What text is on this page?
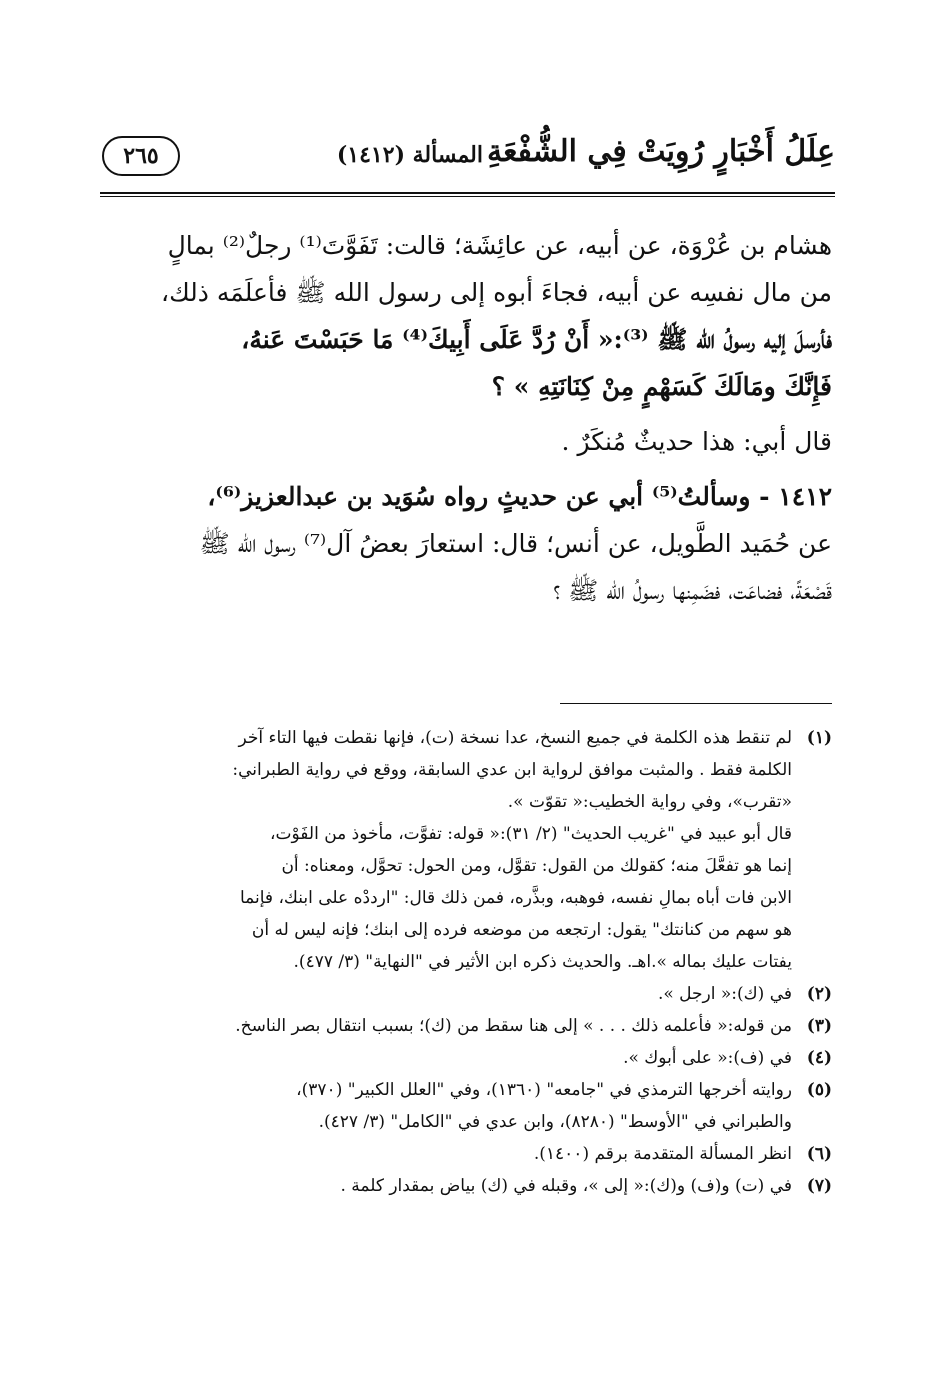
عِلَلُ أَخْبَارٍ رُوِيَتْ فِي الشُّفْعَةِ
المسألة (١٤١٢)
٢٦٥
هشام بن عُرْوَة، عن أبيه، عن عائِشَة؛ قالت: تَفَوَّتَ⁽¹⁾ رجلٌ⁽²⁾ بمالٍ
من مال نفسِه عن أبيه، فجاءَ أبوه إلى رسول الله ﷺ فأعلَمَه ذلك،
فأرسلَ إليه رسولُ الله ﷺ ⁽³⁾:« أَنْ رُدَّ عَلَى أَبِيكَ⁽⁴⁾ مَا حَبَسْتَ عَنهُ،
فَإِنَّكَ ومَالَكَ كَسَهْمٍ مِنْ كِنَانَتِهِ » ؟
قال أبي: هذا حديثٌ مُنكَرٌ .
١٤١٢ - وسألتُ⁽⁵⁾ أبي عن حديثٍ رواه سُوَيد بن عبدالعزيز⁽⁶⁾،
عن حُمَيد الطَّويل، عن أنس؛ قال: استعارَ بعضُ آل⁽⁷⁾ رسول الله ﷺ
قَصْعَةً، فضاعَت، فضَمِنها رسولُ الله ﷺ ؟
(١)
لم تنقط هذه الكلمة في جميع النسخ، عدا نسخة (ت)، فإنها نقطت فيها التاء آخر
الكلمة فقط . والمثبت موافق لرواية ابن عدي السابقة، ووقع في رواية الطبراني:
«تقرب»، وفي رواية الخطيب:« تقوّت ».
قال أبو عبيد في "غريب الحديث" (٢/ ٣١):« قوله: تفوَّت، مأخوذ من الفَوْت،
إنما هو تفعَّلَ منه؛ كقولك من القول: تقوَّل، ومن الحول: تحوَّل، ومعناه: أن
الابن فات أباه بمالِ نفسه، فوهبه، وبذَّره، فمن ذلك قال: "ارددْه على ابنك، فإنما
هو سهم من كنانتك" يقول: ارتجعه من موضعه فرده إلى ابنك؛ فإنه ليس له أن
يفتات عليك بماله ».اهـ. والحديث ذكره ابن الأثير في "النهاية" (٣/ ٤٧٧).
(٢)
في (ك):« ارجل ».
(٣)
من قوله:« فأعلمه ذلك . . . » إلى هنا سقط من (ك)؛ بسبب انتقال بصر الناسخ.
(٤)
في (ف):« على أبوك ».
(٥)
روايته أخرجها الترمذي في "جامعه" (١٣٦٠)، وفي "العلل الكبير" (٣٧٠)،
والطبراني في "الأوسط" (٨٢٨٠)، وابن عدي في "الكامل" (٣/ ٤٢٧).
(٦)
انظر المسألة المتقدمة برقم (١٤٠٠).
(٧)
في (ت) و(ف) و(ك):« إلى »، وقبله في (ك) بياض بمقدار كلمة .
